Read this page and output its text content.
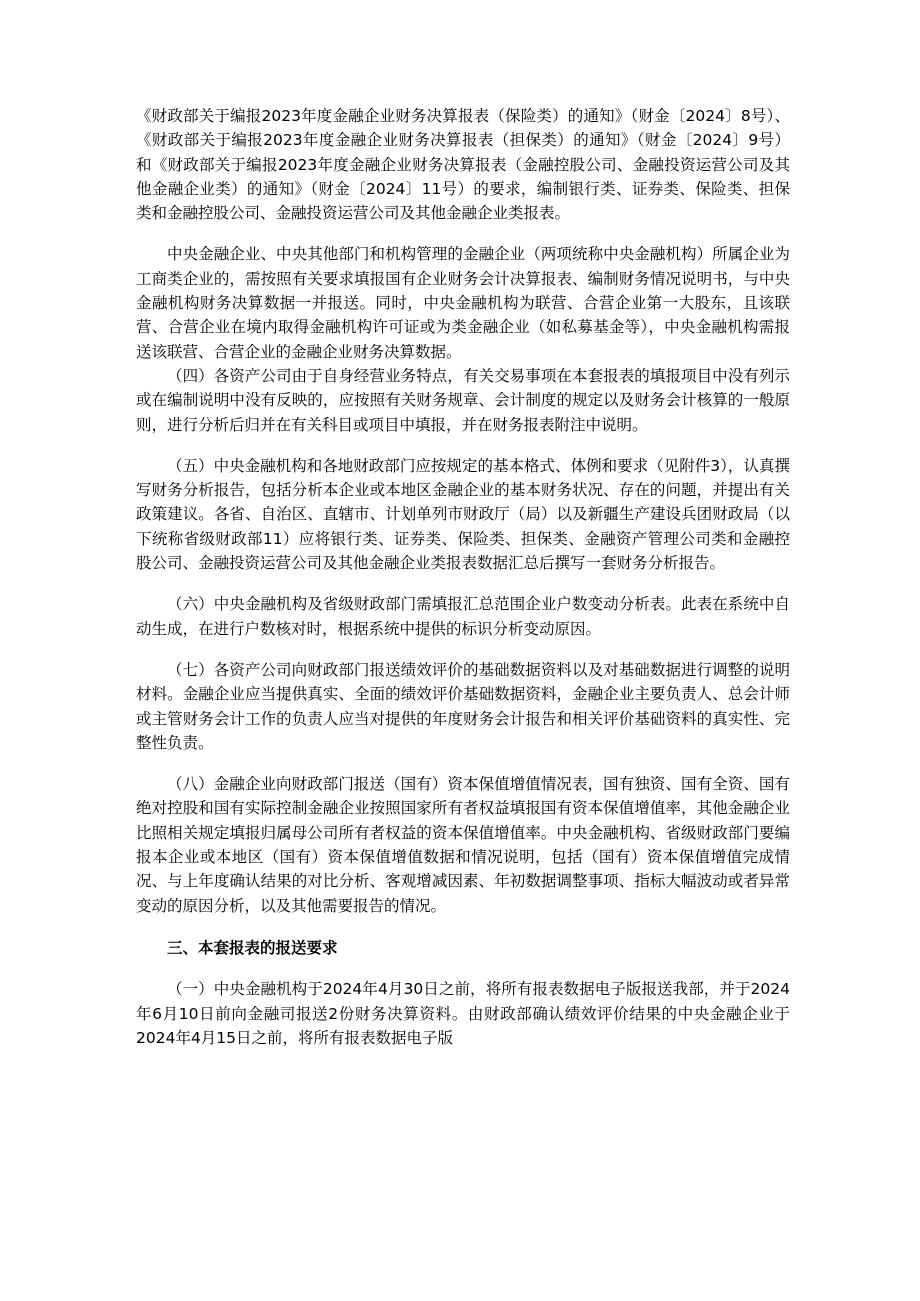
《财政部关于编报2023年度金融企业财务决算报表（保险类）的通知》（财金〔2024〕8号）、《财政部关于编报2023年度金融企业财务决算报表（担保类）的通知》（财金〔2024〕9号）和《财政部关于编报2023年度金融企业财务决算报表（金融控股公司、金融投资运营公司及其他金融企业类）的通知》（财金〔2024〕11号）的要求，编制银行类、证券类、保险类、担保类和金融控股公司、金融投资运营公司及其他金融企业类报表。

中央金融企业、中央其他部门和机构管理的金融企业（两项统称中央金融机构）所属企业为工商类企业的，需按照有关要求填报国有企业财务会计决算报表、编制财务情况说明书，与中央金融机构财务决算数据一并报送。同时，中央金融机构为联营、合营企业第一大股东，且该联营、合营企业在境内取得金融机构许可证或为类金融企业（如私募基金等），中央金融机构需报送该联营、合营企业的金融企业财务决算数据。

（四）各资产公司由于自身经营业务特点，有关交易事项在本套报表的填报项目中没有列示或在编制说明中没有反映的，应按照有关财务规章、会计制度的规定以及财务会计核算的一般原则，进行分析后归并在有关科目或项目中填报，并在财务报表附注中说明。

（五）中央金融机构和各地财政部门应按规定的基本格式、体例和要求（见附件3），认真撰写财务分析报告，包括分析本企业或本地区金融企业的基本财务状况、存在的问题，并提出有关政策建议。各省、自治区、直辖市、计划单列市财政厅（局）以及新疆生产建设兵团财政局（以下统称省级财政部11）应将银行类、证券类、保险类、担保类、金融资产管理公司类和金融控股公司、金融投资运营公司及其他金融企业类报表数据汇总后撰写一套财务分析报告。

（六）中央金融机构及省级财政部门需填报汇总范围企业户数变动分析表。此表在系统中自动生成，在进行户数核对时，根据系统中提供的标识分析变动原因。

（七）各资产公司向财政部门报送绩效评价的基础数据资料以及对基础数据进行调整的说明材料。金融企业应当提供真实、全面的绩效评价基础数据资料，金融企业主要负责人、总会计师或主管财务会计工作的负责人应当对提供的年度财务会计报告和相关评价基础资料的真实性、完整性负责。

（八）金融企业向财政部门报送（国有）资本保值增值情况表，国有独资、国有全资、国有绝对控股和国有实际控制金融企业按照国家所有者权益填报国有资本保值增值率，其他金融企业比照相关规定填报归属母公司所有者权益的资本保值增值率。中央金融机构、省级财政部门要编报本企业或本地区（国有）资本保值增值数据和情况说明，包括（国有）资本保值增值完成情况、与上年度确认结果的对比分析、客观增减因素、年初数据调整事项、指标大幅波动或者异常变动的原因分析，以及其他需要报告的情况。

三、本套报表的报送要求

（一）中央金融机构于2024年4月30日之前，将所有报表数据电子版报送我部，并于2024年6月10日前向金融司报送2份财务决算资料。由财政部确认绩效评价结果的中央金融企业于2024年4月15日之前，将所有报表数据电子版
